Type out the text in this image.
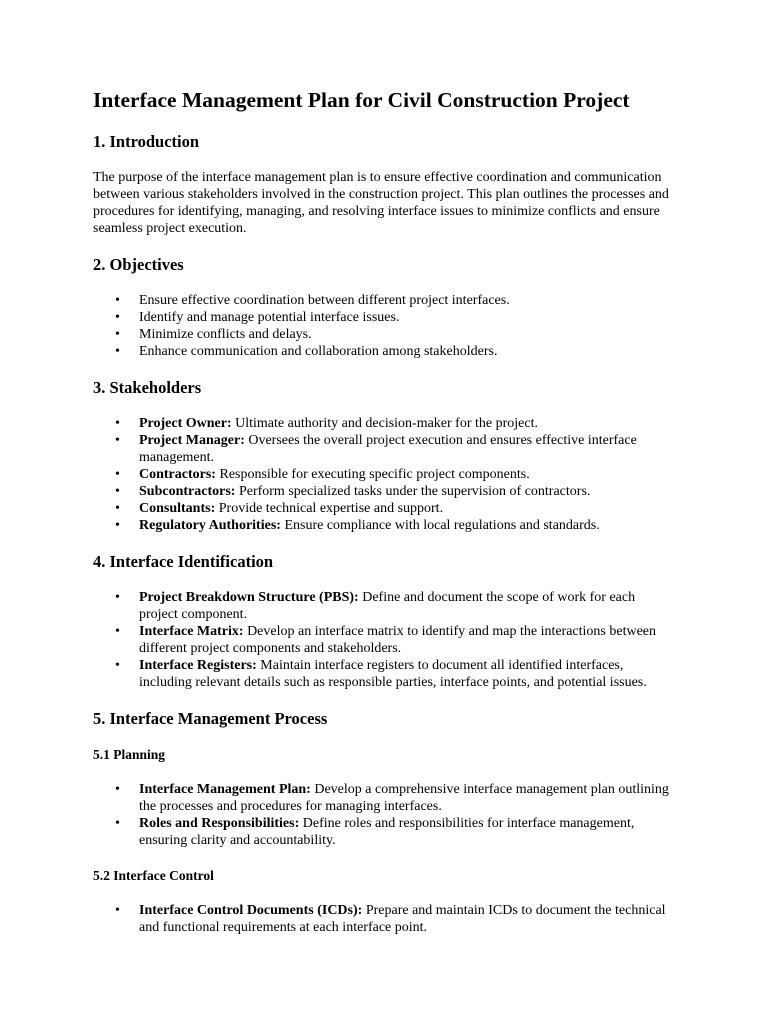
Interface Management Plan for Civil Construction Project
1. Introduction

The purpose of the interface management plan is to ensure effective coordination and communication between various stakeholders involved in the construction project. This plan outlines the processes and procedures for identifying, managing, and resolving interface issues to minimize conflicts and ensure seamless project execution.

2. Objectives
• Ensure effective coordination between different project interfaces.
• Identify and manage potential interface issues.
• Minimize conflicts and delays.
• Enhance communication and collaboration among stakeholders.
3. Stakeholders
• Project Owner: Ultimate authority and decision-maker for the project.
• Project Manager: Oversees the overall project execution and ensures effective interface management.
• Contractors: Responsible for executing specific project components.
• Subcontractors: Perform specialized tasks under the supervision of contractors.
• Consultants: Provide technical expertise and support.
• Regulatory Authorities: Ensure compliance with local regulations and standards.
4. Interface Identification
• Project Breakdown Structure (PBS): Define and document the scope of work for each project component.
• Interface Matrix: Develop an interface matrix to identify and map the interactions between different project components and stakeholders.
• Interface Registers: Maintain interface registers to document all identified interfaces, including relevant details such as responsible parties, interface points, and potential issues.
5. Interface Management Process
5.1 Planning
• Interface Management Plan: Develop a comprehensive interface management plan outlining the processes and procedures for managing interfaces.
• Roles and Responsibilities: Define roles and responsibilities for interface management, ensuring clarity and accountability.
5.2 Interface Control
• Interface Control Documents (ICDs): Prepare and maintain ICDs to document the technical and functional requirements at each interface point.
